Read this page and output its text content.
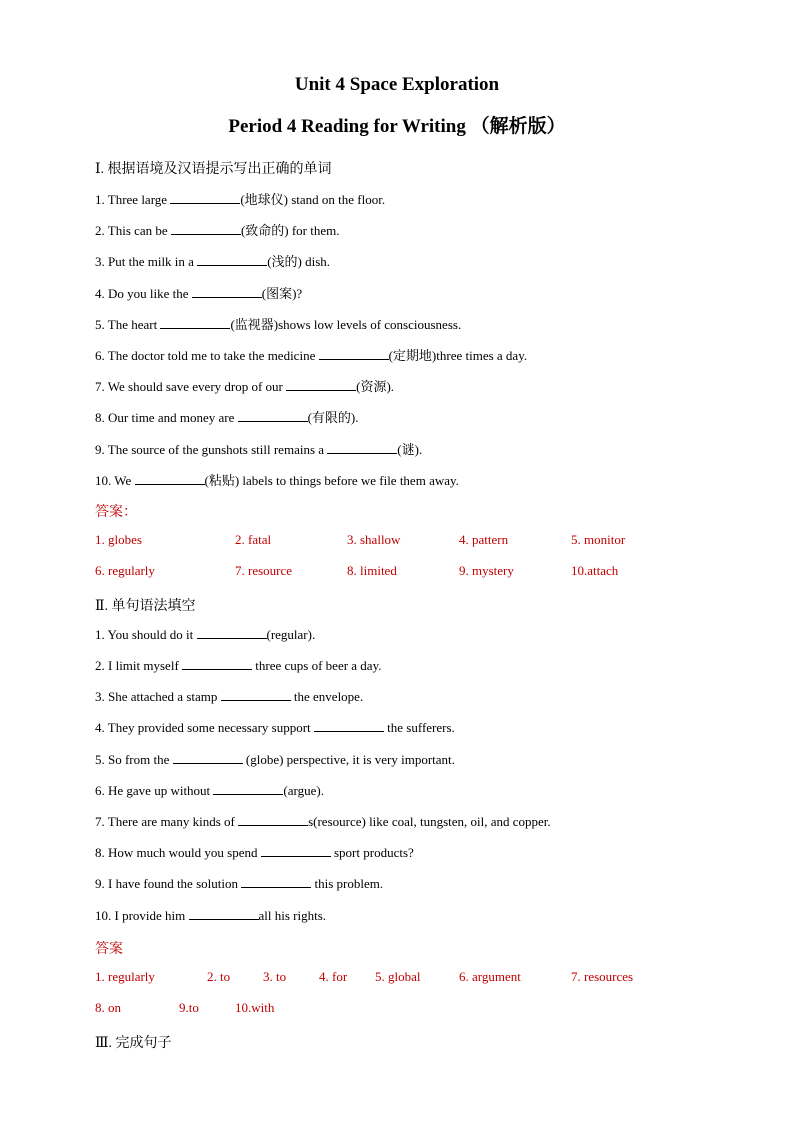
Unit 4 Space Exploration
Period 4 Reading for Writing （解析版）
Ⅰ. 根据语境及汉语提示写出正确的单词
1. Three large	(地球仪) stand on the floor.
2. This can be	(致命的) for them.
3. Put the milk in a	(浅的) dish.
4. Do you like the	(图案)?
5. The heart	(监视器)shows low levels of consciousness.
6. The doctor told me to take the medicine	(定期地)three times a day.
7. We should save every drop of our	(资源).
8. Our time and money are	(有限的).
9. The source of the gunshots still remains a	(谜).
10. We	(粘贴) labels to things before we file them away.
答案：
1. globes	2. fatal	3. shallow	4. pattern	5. monitor
6. regularly	7. resource	8. limited	9. mystery	10.attach
Ⅱ. 单句语法填空
1. You should do it	(regular).
2. I limit myself	three cups of beer a day.
3. She attached a stamp	the envelope.
4. They provided some necessary support	the sufferers.
5. So from the	(globe) perspective, it is very important.
6. He gave up without	(argue).
7. There are many kinds of	s(resource) like coal, tungsten, oil, and copper.
8. How much would you spend	sport products?
9. I have found the solution	this problem.
10. I provide him	all his rights.
答案
1. regularly	2. to	3. to	4. for 5. global	6. argument	7. resources
8. on	9.to	10.with
Ⅲ. 完成句子
